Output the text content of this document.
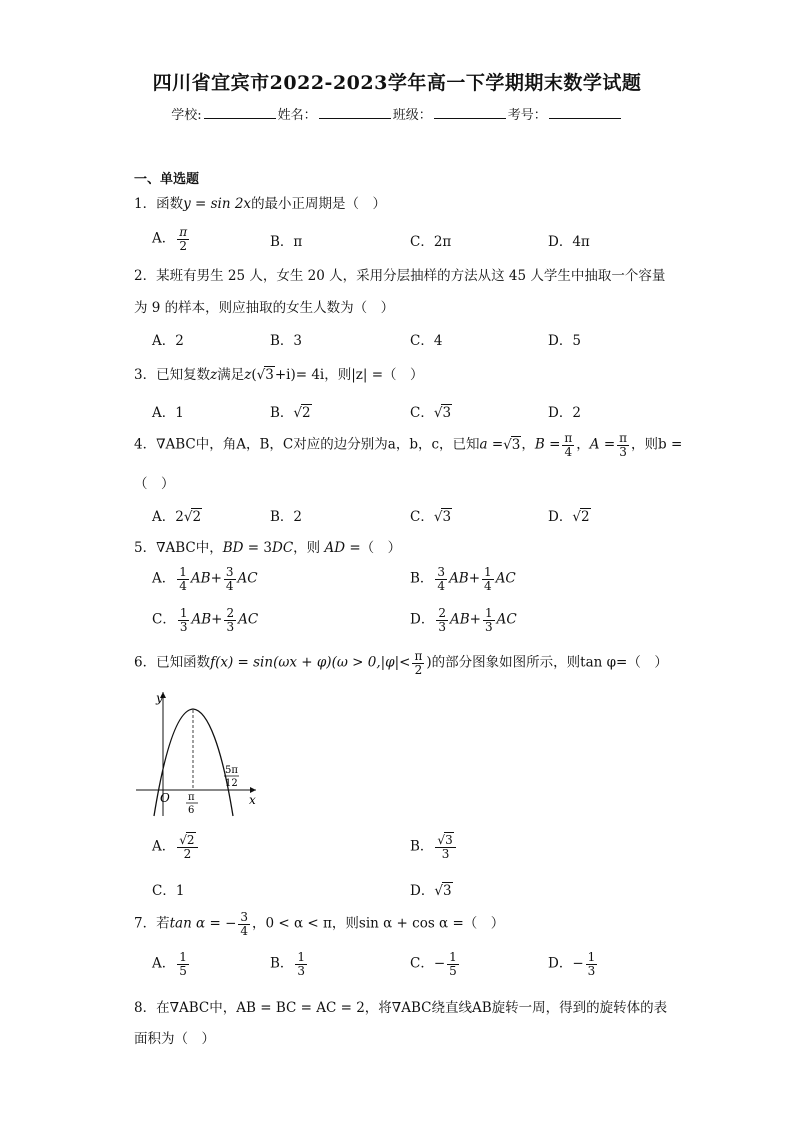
四川省宜宾市2022-2023学年高一下学期期末数学试题
学校:	姓名：	班级：	考号：
一、单选题
1．函数y = sin 2x的最小正周期是（　）
A． $\frac{\pi}{2}$	B．π	C．2π	D．4π
2．某班有男生 25 人，女生 20 人，采用分层抽样的方法从这 45 人学生中抽取一个容量
为 9 的样本，则应抽取的女生人数为（　）
A．2	B．3	C．4	D．5
3．已知复数z满足z(√3+i)= 4i，则|z| =（　）
A．1	B．√2	C．√3	D．2
4．∇ABC中，角A，B，C对应的边分别为a，b，c，已知a =√3，$B = \frac{\pi}{4}$ ，$A = \frac{\pi}{3}$ ，则b =
（　）
A．2√2	B．2	C．√3	D．√2
5．∇ABC中，BD = 3DC，则 AD =（　）
A． $\frac{1}{4} AB+ \frac{3}{4}$ AC	B． $\frac{3}{4} AB+ \frac{1}{4}$ AC
C． $\frac{1}{3} AB+ \frac{2}{3}$ AC	D． $\frac{2}{3} AB+ \frac{1}{3}$ AC
6．已知函数$f(x) = \sin(\omega x + \varphi)(\omega > 0,|\varphi|< \frac{\pi}{2}$ )的部分图象如图所示，则tan φ=（　）
y
x
O π
6
5π
12
A． $\frac{√2}{2}$	B． $\frac{√3}{3}$
C．1	D．√3
7．若tan α = − $\frac{3}{4}$ ，0 < α < π，则sin α + cos α =（　）
A． $\frac{1}{5}$	B． $\frac{1}{3}$	C．− $\frac{1}{5}$	D．− $\frac{1}{3}$
8．在∇ABC中，AB = BC = AC = 2，将∇ABC绕直线AB旋转一周，得到的旋转体的表
面积为（　）
